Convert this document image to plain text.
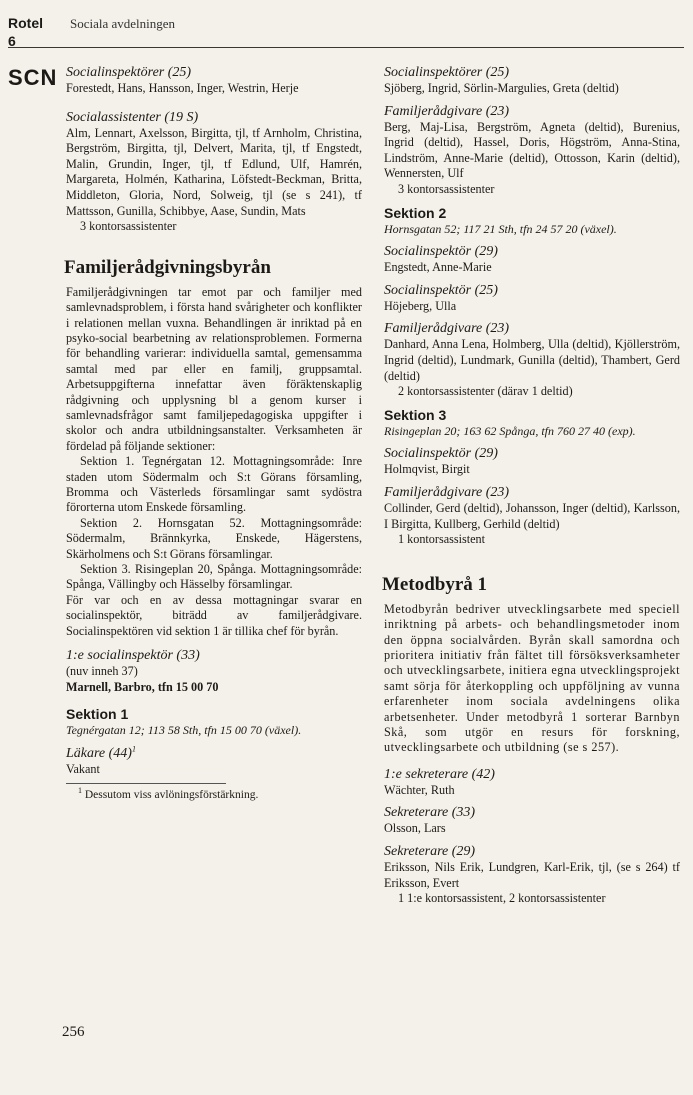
Rotel
6
Sociala avdelningen
SCN Socialinspektörer (25)

Forestedt, Hans, Hansson, Inger, Westrin, Herje

Socialassistenter (19 S)

Alm, Lennart, Axelsson, Birgitta, tjl, tf Arnholm, Christina, Bergström, Birgitta, tjl, Delvert, Marita, tjl, tf Engstedt, Malin, Grundin, Inger, tjl, tf Edlund, Ulf, Hamrén, Margareta, Holmén, Katharina, Löfstedt-Beckman, Britta, Middleton, Gloria, Nord, Solweig, tjl (se s 241), tf Mattsson, Gunilla, Schibbye, Aase, Sundin, Mats

3 kontorsassistenter

Familjerådgivningsbyrån

Familjerådgivningen tar emot par och familjer med samlevnadsproblem, i första hand svårigheter och konflikter i relationen mellan vuxna. Behandlingen är inriktad på en psyko-social bearbetning av relationsproblemen. Formerna för behandling varierar: individuella samtal, gemensamma samtal med par eller en familj, gruppsamtal. Arbetsuppgifterna innefattar även föräktenskaplig rådgivning och upplysning bl a genom kurser i samlevnadsfrågor samt familjepedagogiska uppgifter i skolor och andra utbildningsanstalter. Verksamheten är fördelad på följande sektioner:

Sektion 1. Tegnérgatan 12. Mottagningsområde: Inre staden utom Södermalm och S:t Görans församling, Bromma och Västerleds församlingar samt sydöstra förorterna utom Enskede församling.

Sektion 2. Hornsgatan 52. Mottagningsområde: Södermalm, Brännkyrka, Enskede, Hägerstens, Skärholmens och S:t Görans församlingar.

Sektion 3. Risingeplan 20, Spånga. Mottagningsområde: Spånga, Vällingby och Hässelby församlingar.

För var och en av dessa mottagningar svarar en socialinspektör, biträdd av familjerådgivare. Socialinspektören vid sektion 1 är tillika chef för byrån.

1:e socialinspektör (33)

(nuv inneh 37)

Marnell, Barbro, tfn 15 00 70

Sektion 1

Tegnérgatan 12; 113 58 Sth, tfn 15 00 70 (växel).

Läkare $(44)^1$

Vakant

$^1$ Dessutom viss avlöningsförstärkning.

Socialinspektörer (25)

Sjöberg, Ingrid, Sörlin-Margulies, Greta (deltid)

Familjerådgivare (23)

Berg, Maj-Lisa, Bergström, Agneta (deltid), Burenius, Ingrid (deltid), Hassel, Doris, Högström, Anna-Stina, Lindström, Anne-Marie (deltid), Ottosson, Karin (deltid), Wennersten, Ulf

3 kontorsassistenter

Sektion 2

Hornsgatan 52; 117 21 Sth, tfn 24 57 20 (växel).

Socialinspektör (29)

Engstedt, Anne-Marie

Socialinspektör (25)

Höjeberg, Ulla

Familjerådgivare (23)

Danhard, Anna Lena, Holmberg, Ulla (deltid), Kjöllerström, Ingrid (deltid), Lundmark, Gunilla (deltid), Thambert, Gerd (deltid)

2 kontorsassistenter (därav 1 deltid)

Sektion 3

Risingeplan 20; 163 62 Spånga, tfn 760 27 40 (exp).

Socialinspektör (29)

Holmqvist, Birgit

Familjerådgivare (23)

Collinder, Gerd (deltid), Johansson, Inger (deltid), Karlsson, I Birgitta, Kullberg, Gerhild (deltid)

1 kontorsassistent

Metodbyrå 1

Metodbyrån bedriver utvecklingsarbete med speciell inriktning på arbets- och behandlingsmetoder inom den öppna socialvården. Byrån skall samordna och prioritera initiativ från fältet till försöksverksamheter och utvecklingsarbete, initiera egna utvecklingsprojekt samt sörja för återkoppling och uppföljning av vunna erfarenheter inom sociala avdelningens olika arbetsenheter. Under metodbyrå 1 sorterar Barnbyn Skå, som utgör en resurs för forskning, utvecklingsarbete och utbildning (se s 257).

1:e sekreterare (42)

Wächter, Ruth

Sekreterare (33)

Olsson, Lars

Sekreterare (29)

Eriksson, Nils Erik, Lundgren, Karl-Erik, tjl, (se s 264) tf Eriksson, Evert

1 1:e kontorsassistent, 2 kontorsassistenter

256
